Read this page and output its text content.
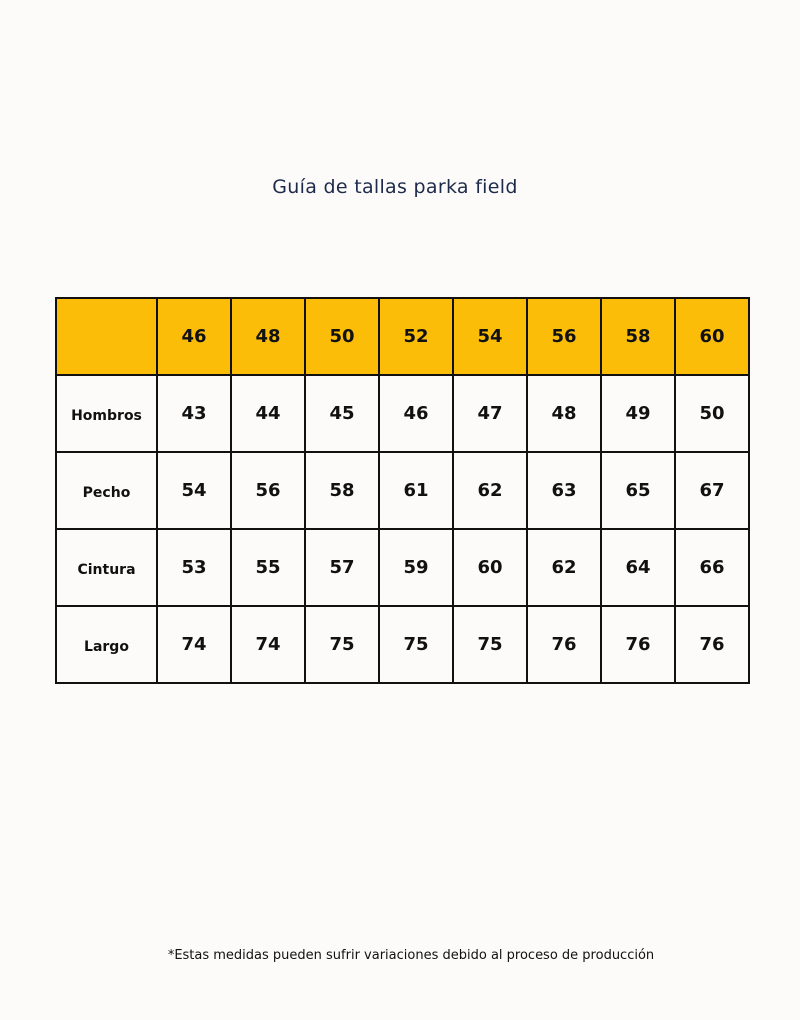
Guía de tallas parka field
	46	48	50	52	54	56	58	60
Hombros	43	44	45	46	47	48	49	50
Pecho	54	56	58	61	62	63	65	67
Cintura	53	55	57	59	60	62	64	66
Largo	74	74	75	75	75	76	76	76
*Estas medidas pueden sufrir variaciones debido al proceso de producción
